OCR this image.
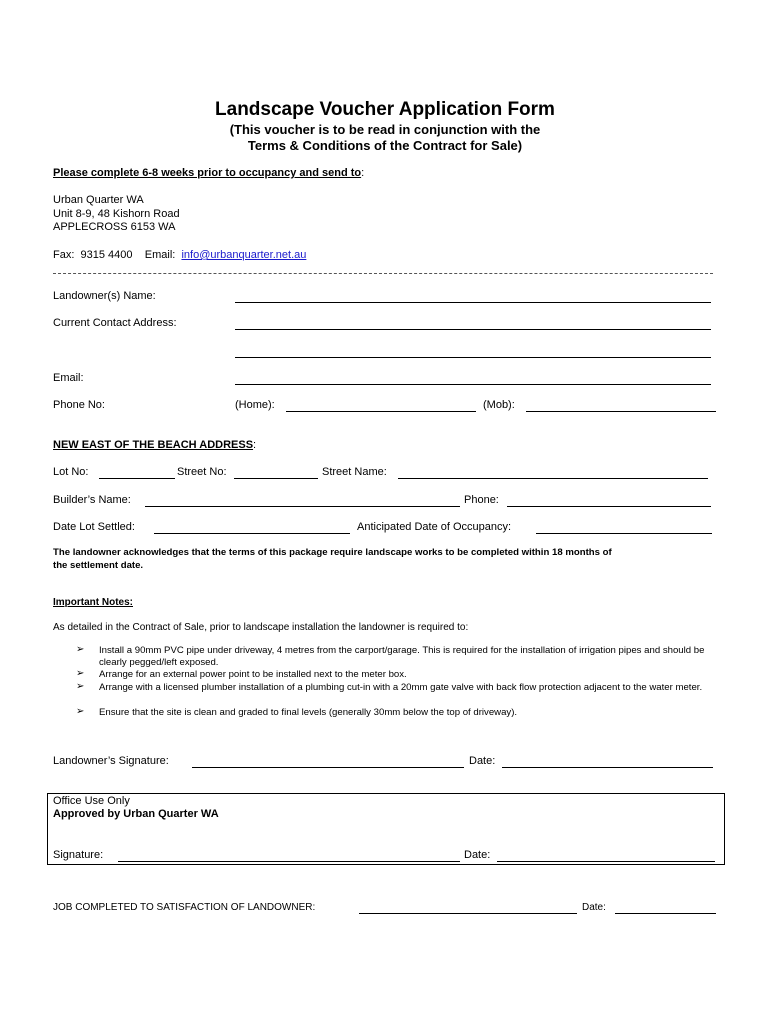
Landscape Voucher Application Form
(This voucher is to be read in conjunction with the
Terms & Conditions of the Contract for Sale)
Please complete 6-8 weeks prior to occupancy and send to:
Urban Quarter WA
Unit 8-9, 48 Kishorn Road
APPLECROSS 6153 WA
Fax: 9315 4400 Email: info@urbanquarter.net.au
Landowner(s) Name:
Current Contact Address:
Email:
Phone No:	(Home):	(Mob):
NEW EAST OF THE BEACH ADDRESS:
Lot No:	Street No:	Street Name:
Builder’s Name:	Phone:
Date Lot Settled:	Anticipated Date of Occupancy:
The landowner acknowledges that the terms of this package require landscape works to be completed within 18 months of
the settlement date.
Important Notes:
As detailed in the Contract of Sale, prior to landscape installation the landowner is required to:
➢ Install a 90mm PVC pipe under driveway, 4 metres from the carport/garage. This is required for the installation of irrigation pipes and should be clearly pegged/left exposed.
➢ Arrange for an external power point to be installed next to the meter box.
➢ Arrange with a licensed plumber installation of a plumbing cut-in with a 20mm gate valve with back flow protection adjacent to the water meter.
➢ Ensure that the site is clean and graded to final levels (generally 30mm below the top of driveway).
Landowner’s Signature:	Date:
Office Use Only
Approved by Urban Quarter WA
Signature:	Date:
JOB COMPLETED TO SATISFACTION OF LANDOWNER:	Date:
